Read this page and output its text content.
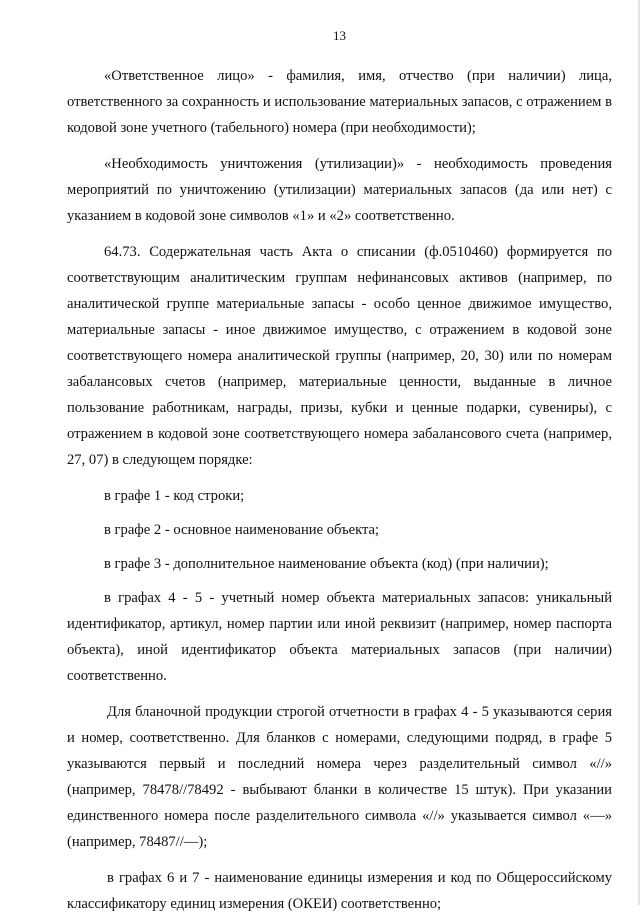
13

«Ответственное лицо» - фамилия, имя, отчество (при наличии) лица, ответственного за сохранность и использование материальных запасов, с отражением в кодовой зоне учетного (табельного) номера (при необходимости);

«Необходимость уничтожения (утилизации)» - необходимость проведения мероприятий по уничтожению (утилизации) материальных запасов (да или нет) с указанием в кодовой зоне символов «1» и «2» соответственно.

64.73. Содержательная часть Акта о списании (ф.0510460) формируется по соответствующим аналитическим группам нефинансовых активов (например, по аналитической группе материальные запасы - особо ценное движимое имущество, материальные запасы - иное движимое имущество, с отражением в кодовой зоне соответствующего номера аналитической группы (например, 20, 30) или по номерам забалансовых счетов (например, материальные ценности, выданные в личное пользование работникам, награды, призы, кубки и ценные подарки, сувениры), с отражением в кодовой зоне соответствующего номера забалансового счета (например, 27, 07) в следующем порядке:

в графе 1 - код строки;

в графе 2 - основное наименование объекта;

в графе 3 - дополнительное наименование объекта (код) (при наличии);

в графах 4 - 5 - учетный номер объекта материальных запасов: уникальный идентификатор, артикул, номер партии или иной реквизит (например, номер паспорта объекта), иной идентификатор объекта материальных запасов (при наличии) соответственно.

Для бланочной продукции строгой отчетности в графах 4 - 5 указываются серия и номер, соответственно. Для бланков с номерами, следующими подряд, в графе 5 указываются первый и последний номера через разделительный символ «//» (например, 78478//78492 - выбывают бланки в количестве 15 штук). При указании единственного номера после разделительного символа «//» указывается символ «—» (например, 78487//—);

в графах 6 и 7 - наименование единицы измерения и код по Общероссийскому классификатору единиц измерения (ОКЕИ) соответственно;
